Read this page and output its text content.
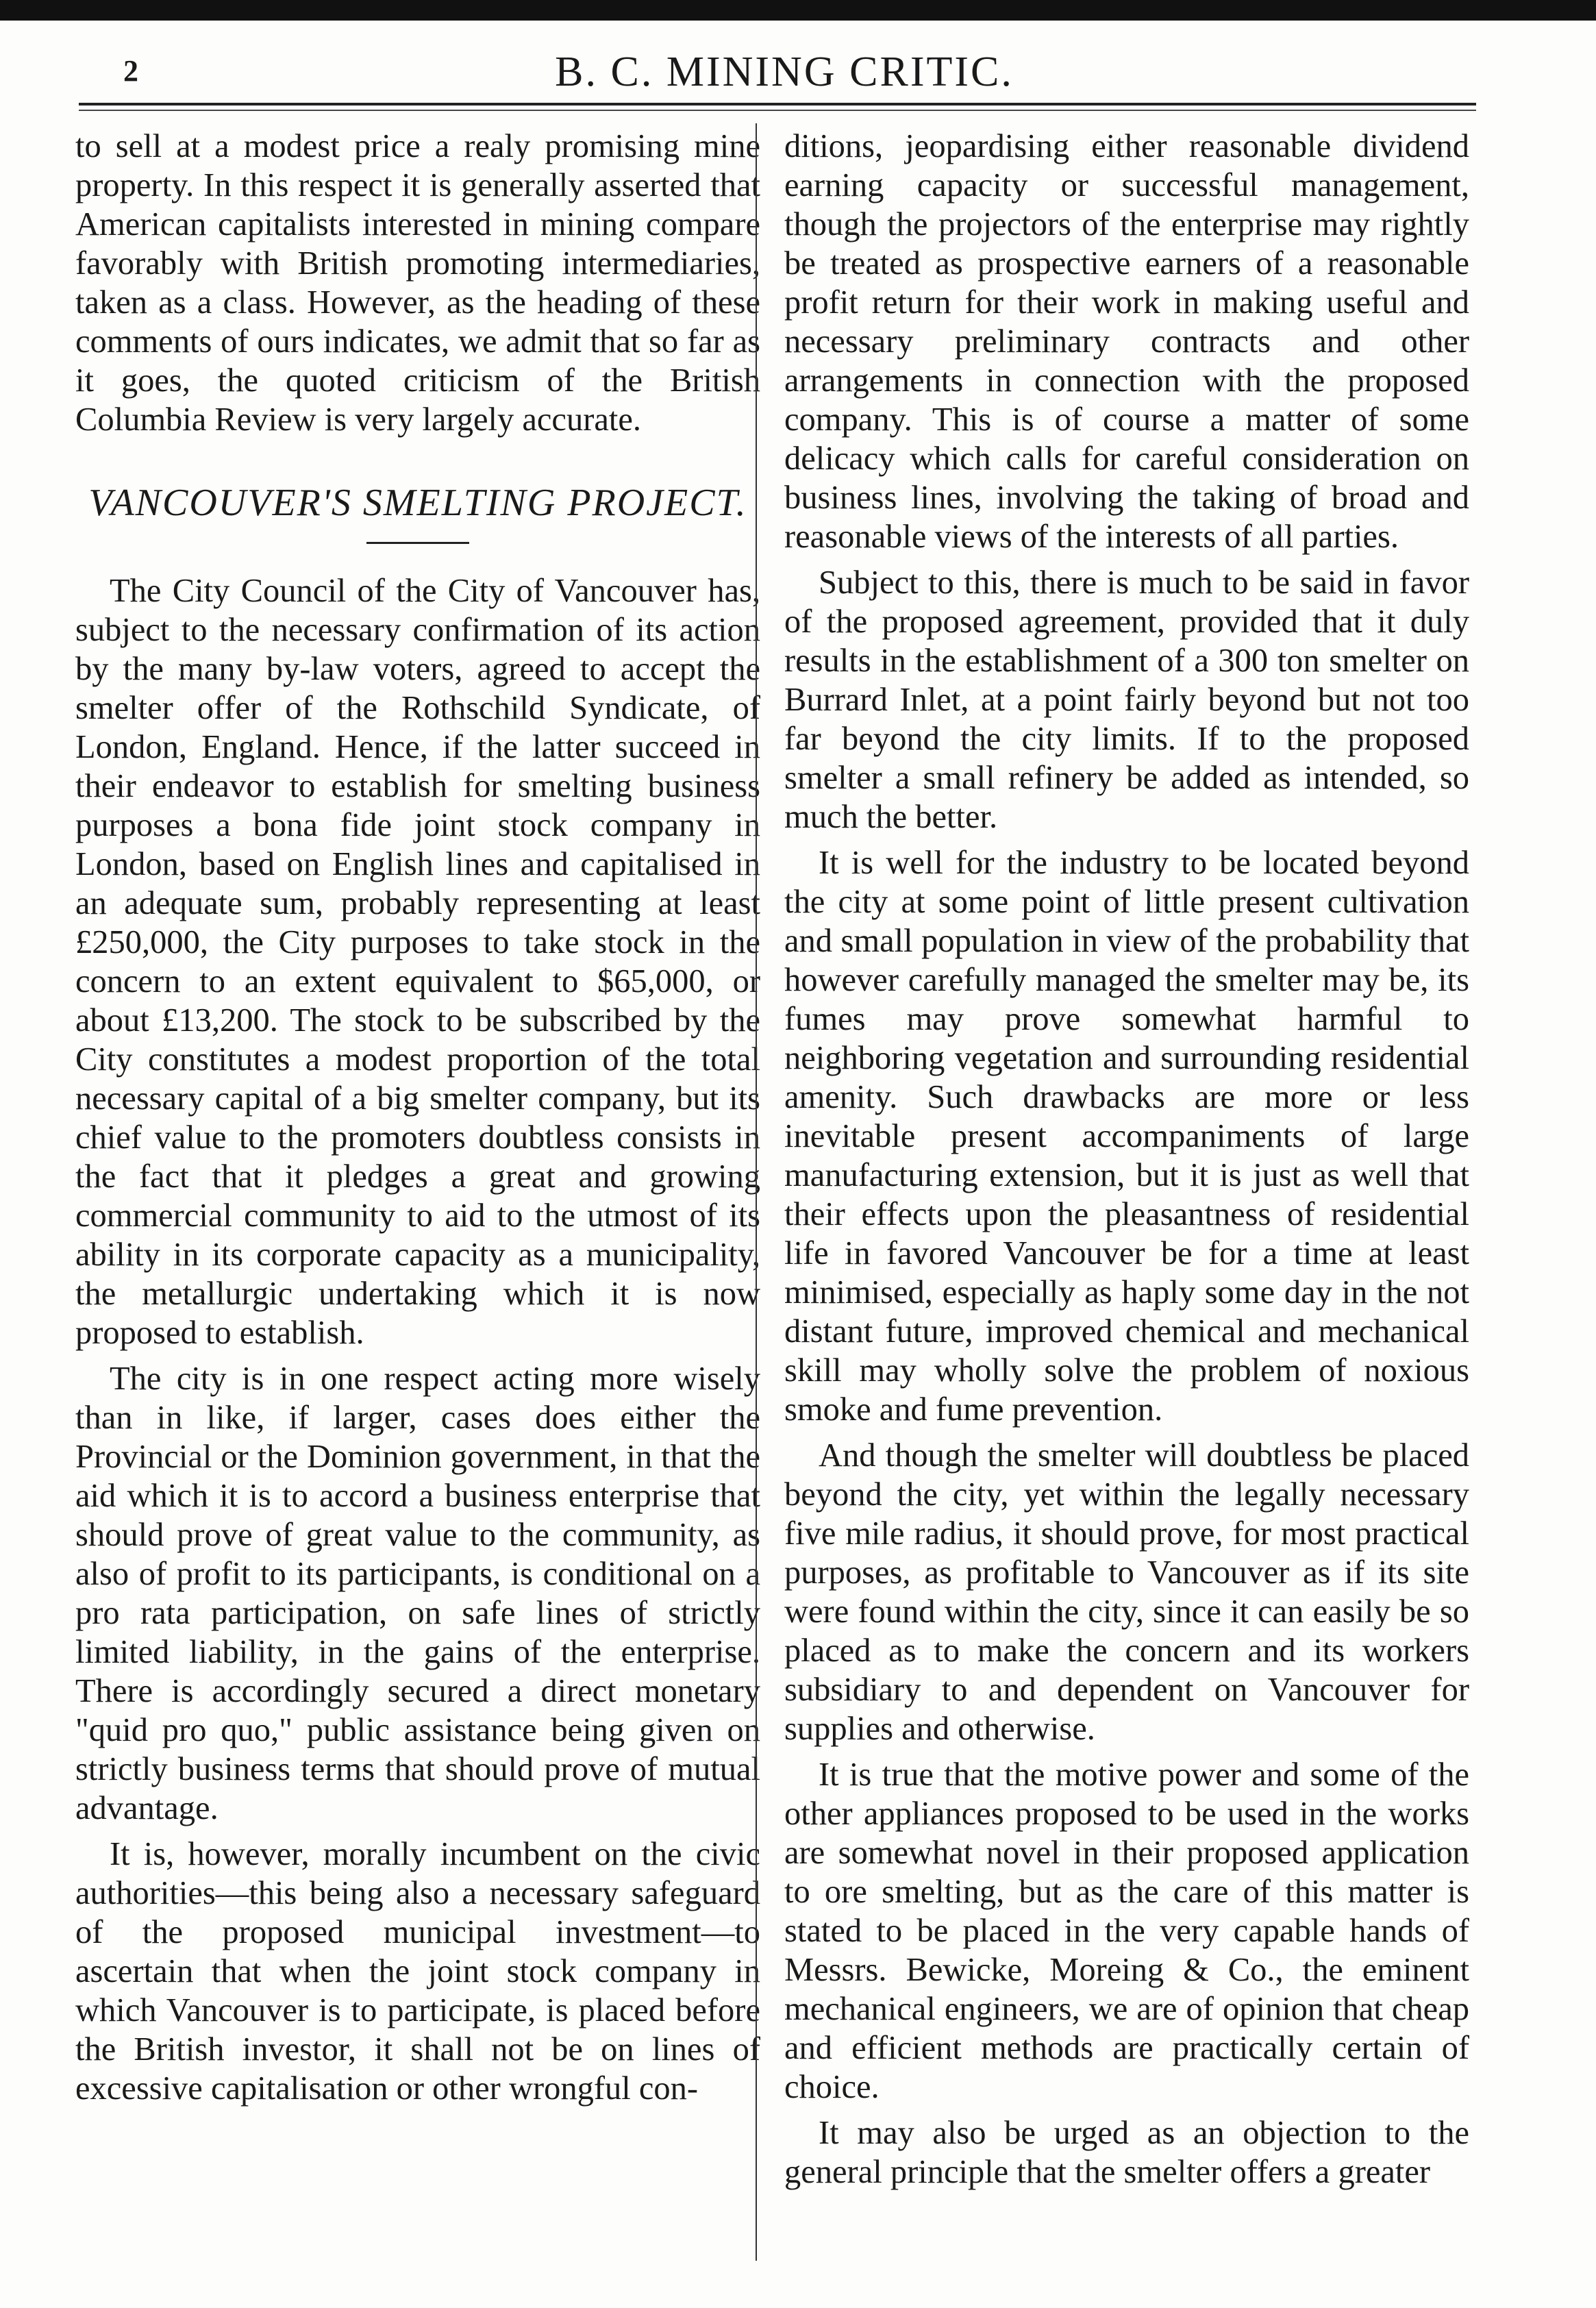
2	B. C. MINING CRITIC.

to sell at a modest price a realy promising mine property. In this respect it is generally asserted that American capitalists interested in mining compare favorably with British promoting intermediaries, taken as a class. However, as the heading of these comments of ours indicates, we admit that so far as it goes, the quoted criticism of the British Columbia Review is very largely accurate.

VANCOUVER'S SMELTING PROJECT.

The City Council of the City of Vancouver has, subject to the necessary confirmation of its action by the many by-law voters, agreed to accept the smelter offer of the Rothschild Syndicate, of London, England. Hence, if the latter succeed in their endeavor to establish for smelting business purposes a bona fide joint stock company in London, based on English lines and capitalised in an adequate sum, probably representing at least £250,000, the City purposes to take stock in the concern to an extent equivalent to $65,000, or about £13,200. The stock to be subscribed by the City constitutes a modest proportion of the total necessary capital of a big smelter company, but its chief value to the promoters doubtless consists in the fact that it pledges a great and growing commercial community to aid to the utmost of its ability in its corporate capacity as a municipality, the metallurgic undertaking which it is now proposed to establish.

The city is in one respect acting more wisely than in like, if larger, cases does either the Provincial or the Dominion government, in that the aid which it is to accord a business enterprise that should prove of great value to the community, as also of profit to its participants, is conditional on a pro rata participation, on safe lines of strictly limited liability, in the gains of the enterprise. There is accordingly secured a direct monetary "quid pro quo," public assistance being given on strictly business terms that should prove of mutual advantage.

It is, however, morally incumbent on the civic authorities—this being also a necessary safeguard of the proposed municipal investment—to ascertain that when the joint stock company in which Vancouver is to participate, is placed before the British investor, it shall not be on lines of excessive capitalisation or other wrongful con-

ditions, jeopardising either reasonable dividend earning capacity or successful management, though the projectors of the enterprise may rightly be treated as prospective earners of a reasonable profit return for their work in making useful and necessary preliminary contracts and other arrangements in connection with the proposed company. This is of course a matter of some delicacy which calls for careful consideration on business lines, involving the taking of broad and reasonable views of the interests of all parties.

Subject to this, there is much to be said in favor of the proposed agreement, provided that it duly results in the establishment of a 300 ton smelter on Burrard Inlet, at a point fairly beyond but not too far beyond the city limits. If to the proposed smelter a small refinery be added as intended, so much the better.

It is well for the industry to be located beyond the city at some point of little present cultivation and small population in view of the probability that however carefully managed the smelter may be, its fumes may prove somewhat harmful to neighboring vegetation and surrounding residential amenity. Such drawbacks are more or less inevitable present accompaniments of large manufacturing extension, but it is just as well that their effects upon the pleasantness of residential life in favored Vancouver be for a time at least minimised, especially as haply some day in the not distant future, improved chemical and mechanical skill may wholly solve the problem of noxious smoke and fume prevention.

And though the smelter will doubtless be placed beyond the city, yet within the legally necessary five mile radius, it should prove, for most practical purposes, as profitable to Vancouver as if its site were found within the city, since it can easily be so placed as to make the concern and its workers subsidiary to and dependent on Vancouver for supplies and otherwise.

It is true that the motive power and some of the other appliances proposed to be used in the works are somewhat novel in their proposed application to ore smelting, but as the care of this matter is stated to be placed in the very capable hands of Messrs. Bewicke, Moreing & Co., the eminent mechanical engineers, we are of opinion that cheap and efficient methods are practically certain of choice.

It may also be urged as an objection to the general principle that the smelter offers a greater
